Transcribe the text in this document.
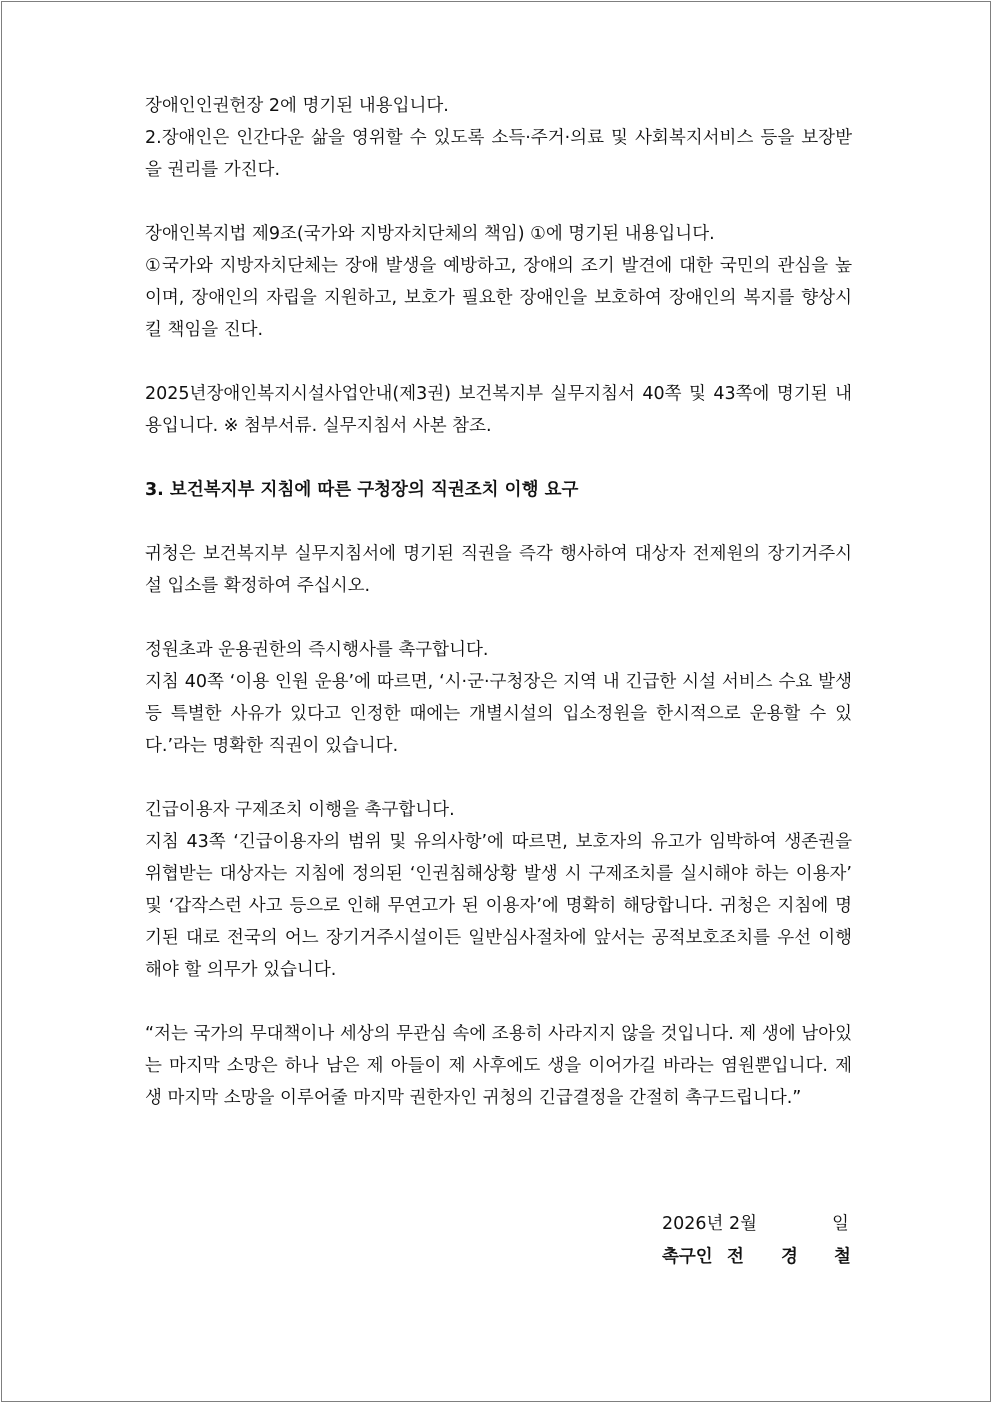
장애인인권헌장 2에 명기된 내용입니다.

2.장애인은 인간다운 삶을 영위할 수 있도록 소득·주거·의료 및 사회복지서비스 등을 보장받을 권리를 가진다.

장애인복지법 제9조(국가와 지방자치단체의 책임) ①에 명기된 내용입니다.

①국가와 지방자치단체는 장애 발생을 예방하고, 장애의 조기 발견에 대한 국민의 관심을 높이며, 장애인의 자립을 지원하고, 보호가 필요한 장애인을 보호하여 장애인의 복지를 향상시킬 책임을 진다.

2025년장애인복지시설사업안내(제3권) 보건복지부 실무지침서 40쪽 및 43쪽에 명기된 내용입니다. ※ 첨부서류. 실무지침서 사본 참조.

3. 보건복지부 지침에 따른 구청장의 직권조치 이행 요구

귀청은 보건복지부 실무지침서에 명기된 직권을 즉각 행사하여 대상자 전제원의 장기거주시설 입소를 확정하여 주십시오.

정원초과 운용권한의 즉시행사를 촉구합니다.

지침 40쪽 ‘이용 인원 운용’에 따르면, ‘시·군·구청장은 지역 내 긴급한 시설 서비스 수요 발생 등 특별한 사유가 있다고 인정한 때에는 개별시설의 입소정원을 한시적으로 운용할 수 있다.’라는 명확한 직권이 있습니다.

긴급이용자 구제조치 이행을 촉구합니다.

지침 43쪽 ‘긴급이용자의 범위 및 유의사항’에 따르면, 보호자의 유고가 임박하여 생존권을 위협받는 대상자는 지침에 정의된 ‘인권침해상황 발생 시 구제조치를 실시해야 하는 이용자’ 및 ‘갑작스런 사고 등으로 인해 무연고가 된 이용자’에 명확히 해당합니다. 귀청은 지침에 명기된 대로 전국의 어느 장기거주시설이든 일반심사절차에 앞서는 공적보호조치를 우선 이행해야 할 의무가 있습니다.

“저는 국가의 무대책이나 세상의 무관심 속에 조용히 사라지지 않을 것입니다. 제 생에 남아있는 마지막 소망은 하나 남은 제 아들이 제 사후에도 생을 이어가길 바라는 염원뿐입니다. 제 생 마지막 소망을 이루어줄 마지막 권한자인 귀청의 긴급결정을 간절히 촉구드립니다.”

2026년 2월	일
촉구인 전 경 철
